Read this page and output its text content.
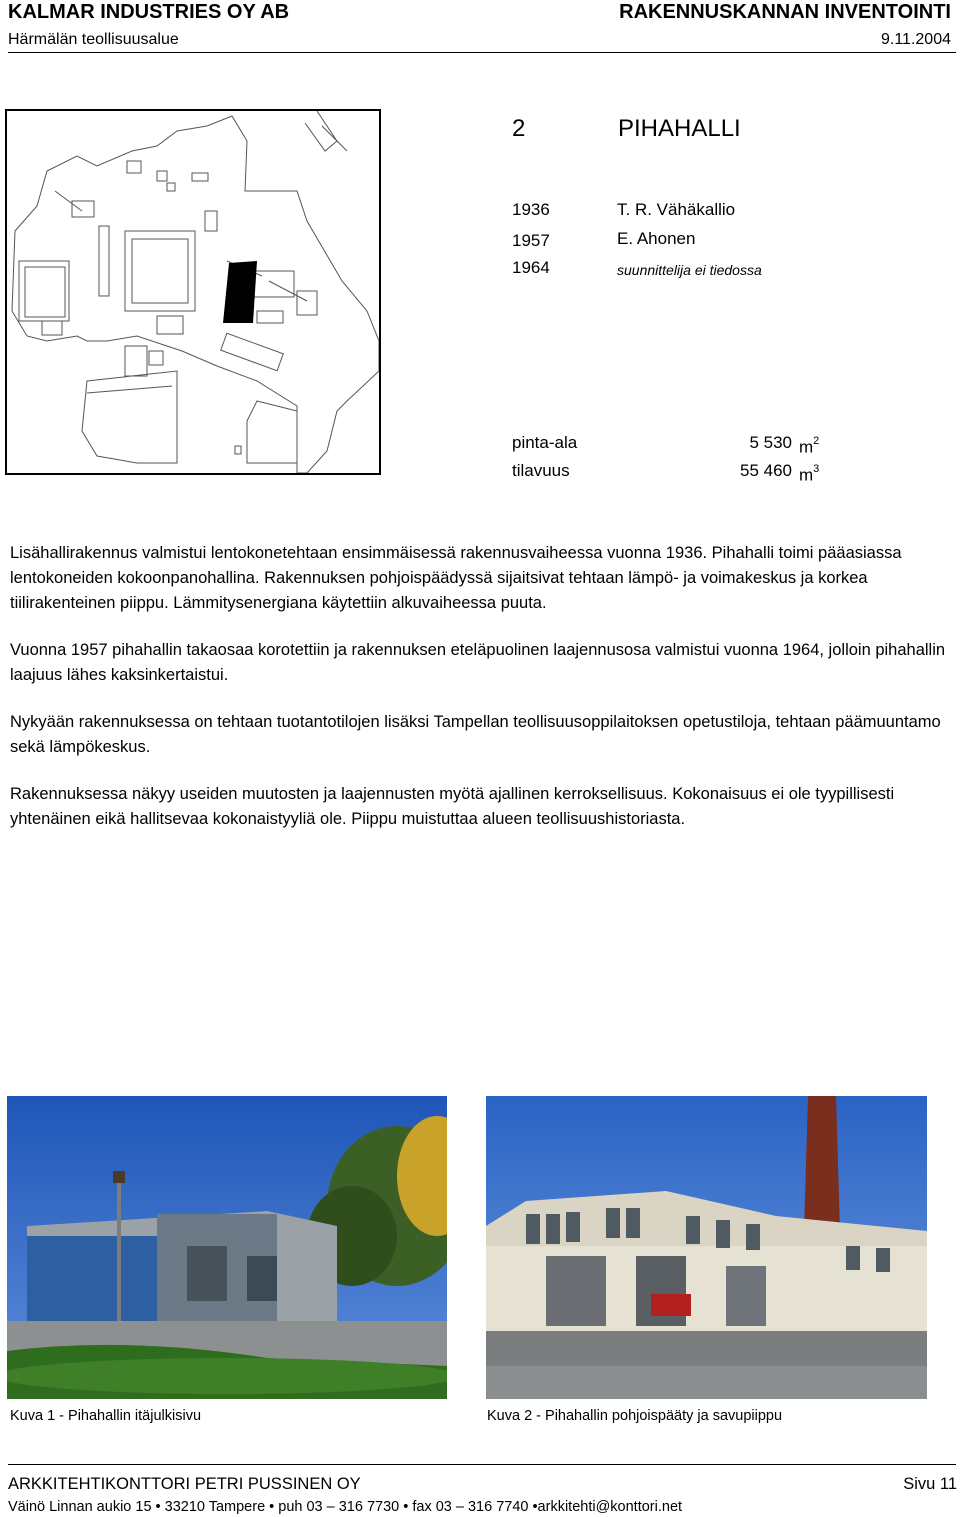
KALMAR INDUSTRIES OY AB	RAKENNUSKANNAN INVENTOINTI
Härmälän teollisuusalue	9.11.2004
2	PIHAHALLI
1936	T. R. Vähäkallio
1957	E. Ahonen
1964	suunnittelija ei tiedossa
pinta-ala	5 530 $m^2$
tilavuus	55 460 $m^3$

Lisähallirakennus valmistui lentokonetehtaan ensimmäisessä rakennusvaiheessa vuonna 1936. Pihahalli toimi pääasiassa lentokoneiden kokoonpanohallina. Rakennuksen pohjoispäädyssä sijaitsivat tehtaan lämpö- ja voimakeskus ja korkea tiilirakenteinen piippu. Lämmitysenergiana käytettiin alkuvaiheessa puuta.

Vuonna 1957 pihahallin takaosaa korotettiin ja rakennuksen eteläpuolinen laajennusosa valmistui vuonna 1964, jolloin pihahallin laajuus lähes kaksinkertaistui.

Nykyään rakennuksessa on tehtaan tuotantotilojen lisäksi Tampellan teollisuusoppilaitoksen opetustiloja, tehtaan päämuuntamo sekä lämpökeskus.

Rakennuksessa näkyy useiden muutosten ja laajennusten myötä ajallinen kerroksellisuus. Kokonaisuus ei ole tyypillisesti yhtenäinen eikä hallitsevaa kokonaistyyliä ole. Piippu muistuttaa alueen teollisuushistoriasta.

Kuva 1 - Pihahallin itäjulkisivu	Kuva 2 - Pihahallin pohjoispääty ja savupiippu
ARKKITEHTIKONTTORI PETRI PUSSINEN OY	Sivu 11
Väinö Linnan aukio 15 • 33210 Tampere • puh 03 – 316 7730 • fax 03 – 316 7740 •arkkitehti@konttori.net
